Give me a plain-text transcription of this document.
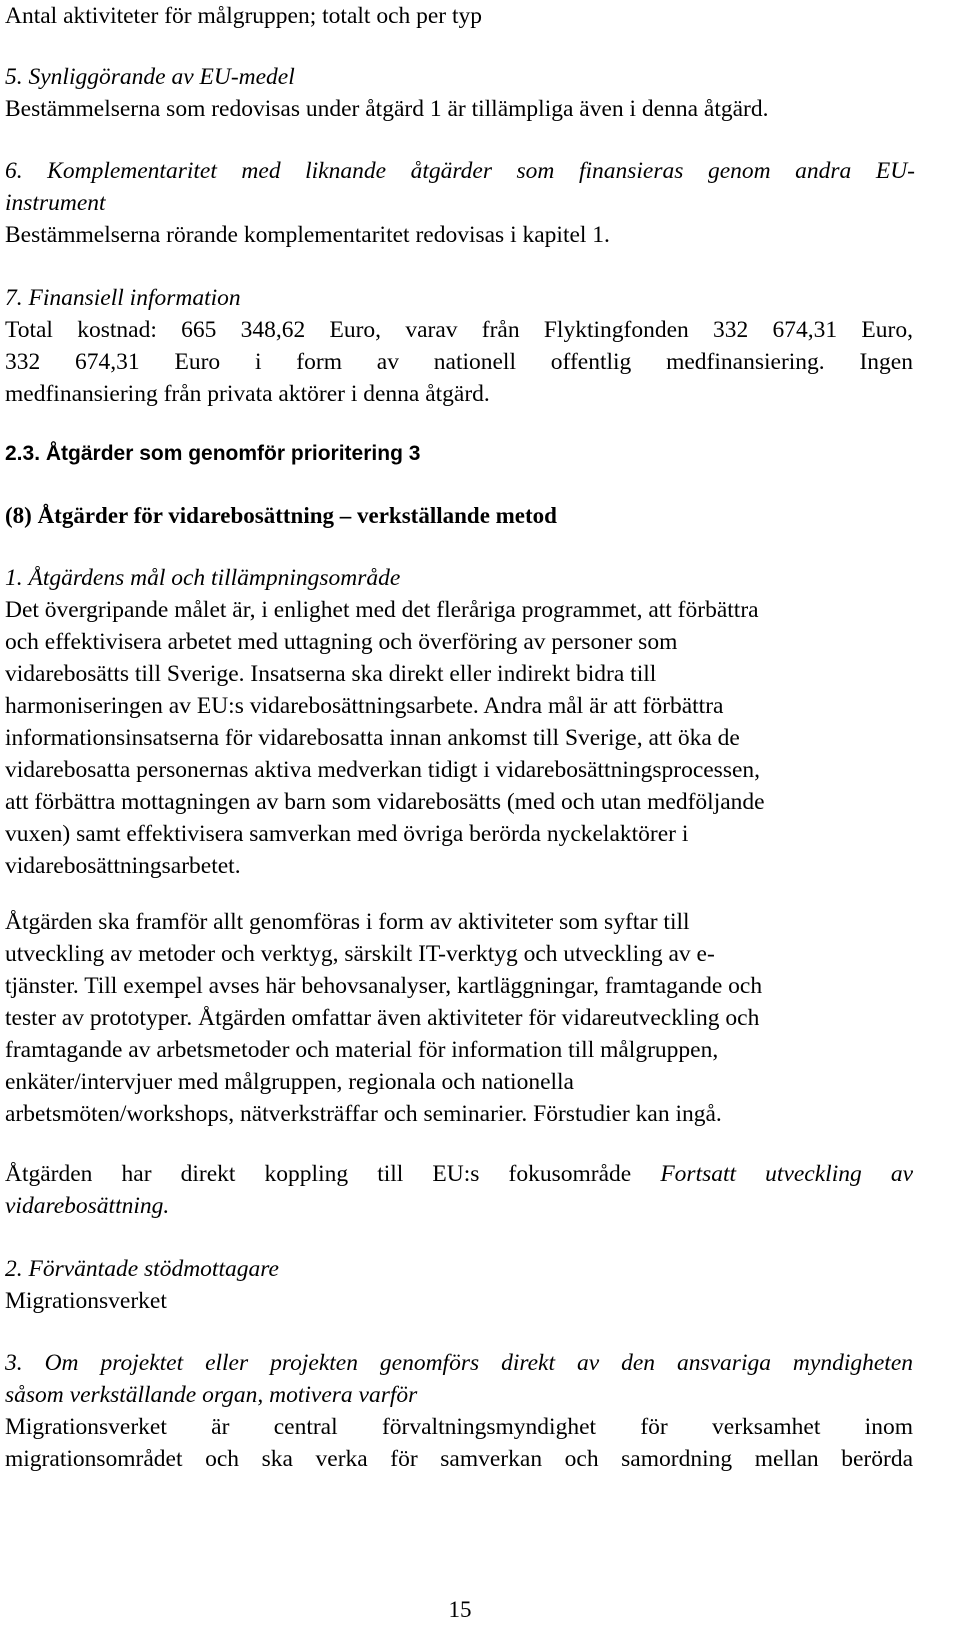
Antal aktiviteter för målgruppen; totalt och per typ

5. Synliggörande av EU-medel

Bestämmelserna som redovisas under åtgärd 1 är tillämpliga även i denna åtgärd.

6. Komplementaritet med liknande åtgärder som finansieras genom andra EU-

instrument

Bestämmelserna rörande komplementaritet redovisas i kapitel 1.

7. Finansiell information

Total kostnad: 665 348,62 Euro, varav från Flyktingfonden 332 674,31 Euro,

332 674,31 Euro i form av nationell offentlig medfinansiering. Ingen

medfinansiering från privata aktörer i denna åtgärd.

2.3. Åtgärder som genomför prioritering 3

(8) Åtgärder för vidarebosättning – verkställande metod

1. Åtgärdens mål och tillämpningsområde

Det övergripande målet är, i enlighet med det fleråriga programmet, att förbättra

och effektivisera arbetet med uttagning och överföring av personer som

vidarebosätts till Sverige. Insatserna ska direkt eller indirekt bidra till

harmoniseringen av EU:s vidarebosättningsarbete. Andra mål är att förbättra

informationsinsatserna för vidarebosatta innan ankomst till Sverige, att öka de

vidarebosatta personernas aktiva medverkan tidigt i vidarebosättningsprocessen,

att förbättra mottagningen av barn som vidarebosätts (med och utan medföljande

vuxen) samt effektivisera samverkan med övriga berörda nyckelaktörer i

vidarebosättningsarbetet.

Åtgärden ska framför allt genomföras i form av aktiviteter som syftar till

utveckling av metoder och verktyg, särskilt IT-verktyg och utveckling av e-

tjänster. Till exempel avses här behovsanalyser, kartläggningar, framtagande och

tester av prototyper. Åtgärden omfattar även aktiviteter för vidareutveckling och

framtagande av arbetsmetoder och material för information till målgruppen,

enkäter/intervjuer med målgruppen, regionala och nationella

arbetsmöten/workshops, nätverksträffar och seminarier. Förstudier kan ingå.

Åtgärden har direkt koppling till EU:s fokusområde Fortsatt utveckling av

vidarebosättning.

2. Förväntade stödmottagare

Migrationsverket

3. Om projektet eller projekten genomförs direkt av den ansvariga myndigheten

såsom verkställande organ, motivera varför

Migrationsverket är central förvaltningsmyndighet för verksamhet inom

migrationsområdet och ska verka för samverkan och samordning mellan berörda

15
